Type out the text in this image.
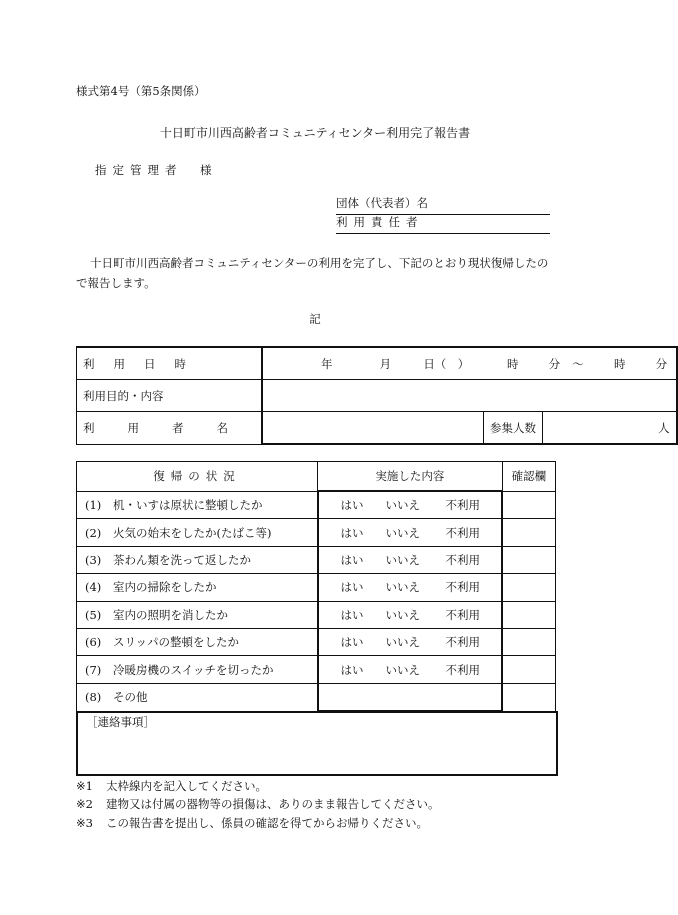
様式第4号（第5条関係）
十日町市川西高齢者コミュニティセンター利用完了報告書
指定管理者　様
団体（代表者）名
利用責任者
十日町市川西高齢者コミュニティセンターの利用を完了し、下記のとおり現状復帰したので報告します。
記
利用日時	年 月 日（　） 時 分 〜 時 分		
利用目的・内容			
利用者名		参集人数	人
復帰の状況	実施した内容	確認欄
(1) 机・いすは原状に整頓したか	はい いいえ 不利用	
(2) 火気の始末をしたか(たばこ等)	はい いいえ 不利用	
(3) 茶わん類を洗って返したか	はい いいえ 不利用	
(4) 室内の掃除をしたか	はい いいえ 不利用	
(5) 室内の照明を消したか	はい いいえ 不利用	
(6) スリッパの整頓をしたか	はい いいえ 不利用	
(7) 冷暖房機のスイッチを切ったか	はい いいえ 不利用	
(8) その他		
［連絡事項］
※1 太枠線内を記入してください。
※2 建物又は付属の器物等の損傷は、ありのまま報告してください。
※3 この報告書を提出し、係員の確認を得てからお帰りください。
